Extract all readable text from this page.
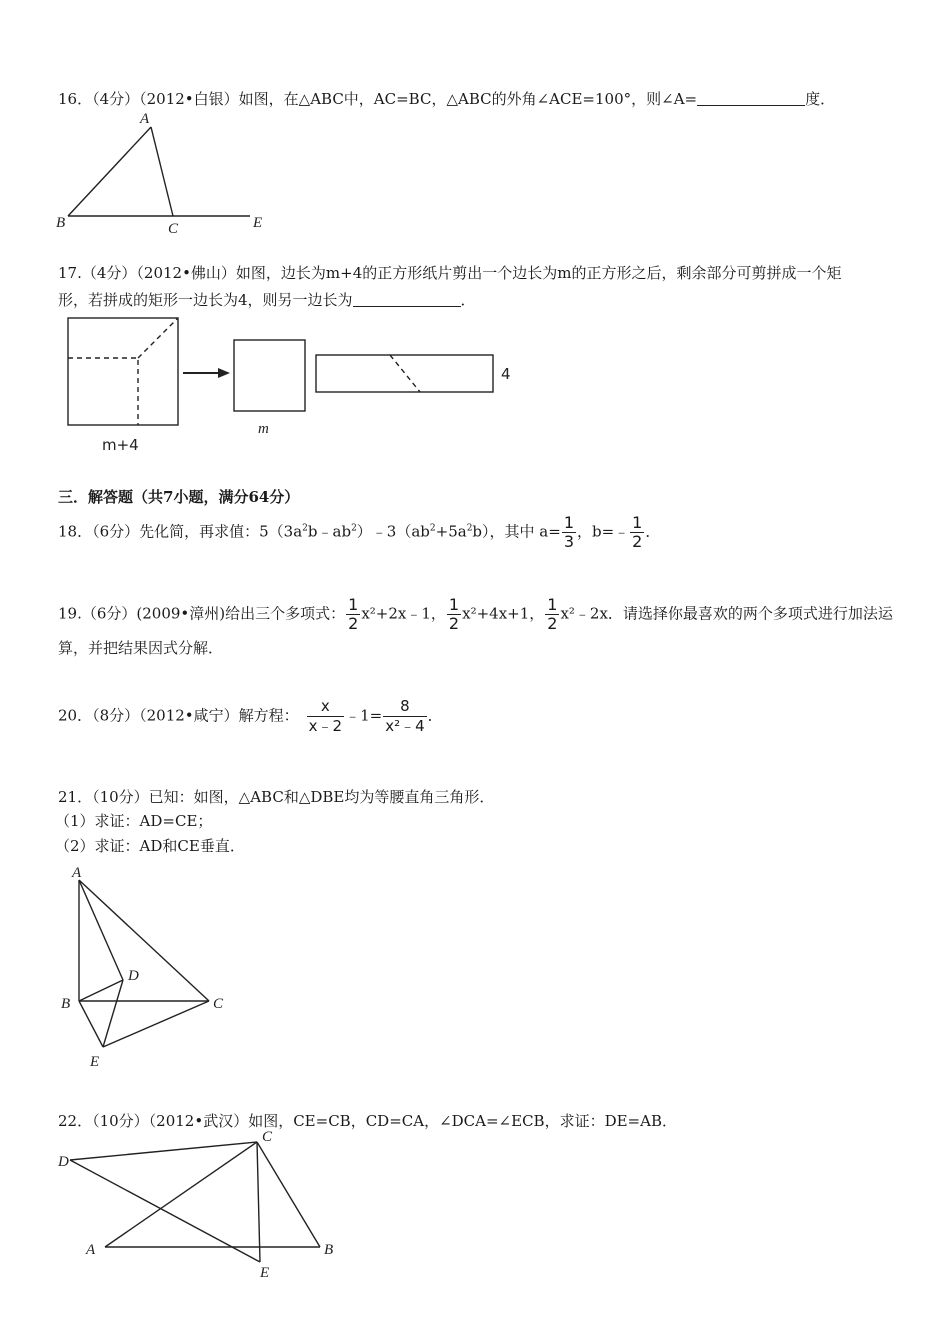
16．（4分）（2012•白银）如图，在△ABC中，AC=BC，△ABC的外角∠ACE=100°，则∠A=	度．
A
B	C	E
17.（4分）（2012•佛山）如图，边长为m+4的正方形纸片剪出一个边长为m的正方形之后，剩余部分可剪拼成一个矩
形，若拼成的矩形一边长为4，则另一边长为	．
m+4
m
4
三．解答题（共7小题，满分64分）
18．（6分）先化简，再求值：$5(3a^2b﹣ab^2)﹣3(ab^2+5a^2b)$，其中 $a= \frac{1}{3}$ ，b=﹣ $\frac{1}{2}$ ．
19.（6分）(2009•漳州)给出三个多项式： $\frac{1}{2}$ x²+2x﹣1， $\frac{1}{2} x^2+4x+1$， $\frac{1}{2}$ x²﹣2x．请选择你最喜欢的两个多项式进行加法运
算，并把结果因式分解．
20．（8分）（2012•咸宁）解方程： $\frac{x}{x﹣2}$ ﹣1= $\frac{8}{\text{x²﹣4}}$ ．
21．（10分）已知：如图，△ABC和△DBE均为等腰直角三角形．
（1）求证：AD=CE；
（2）求证：AD和CE垂直．
A
B	C
D
E
22．（10分）（2012•武汉）如图，CE=CB，CD=CA，∠DCA=∠ECB，求证：DE=AB．
D
C
A	B
E
